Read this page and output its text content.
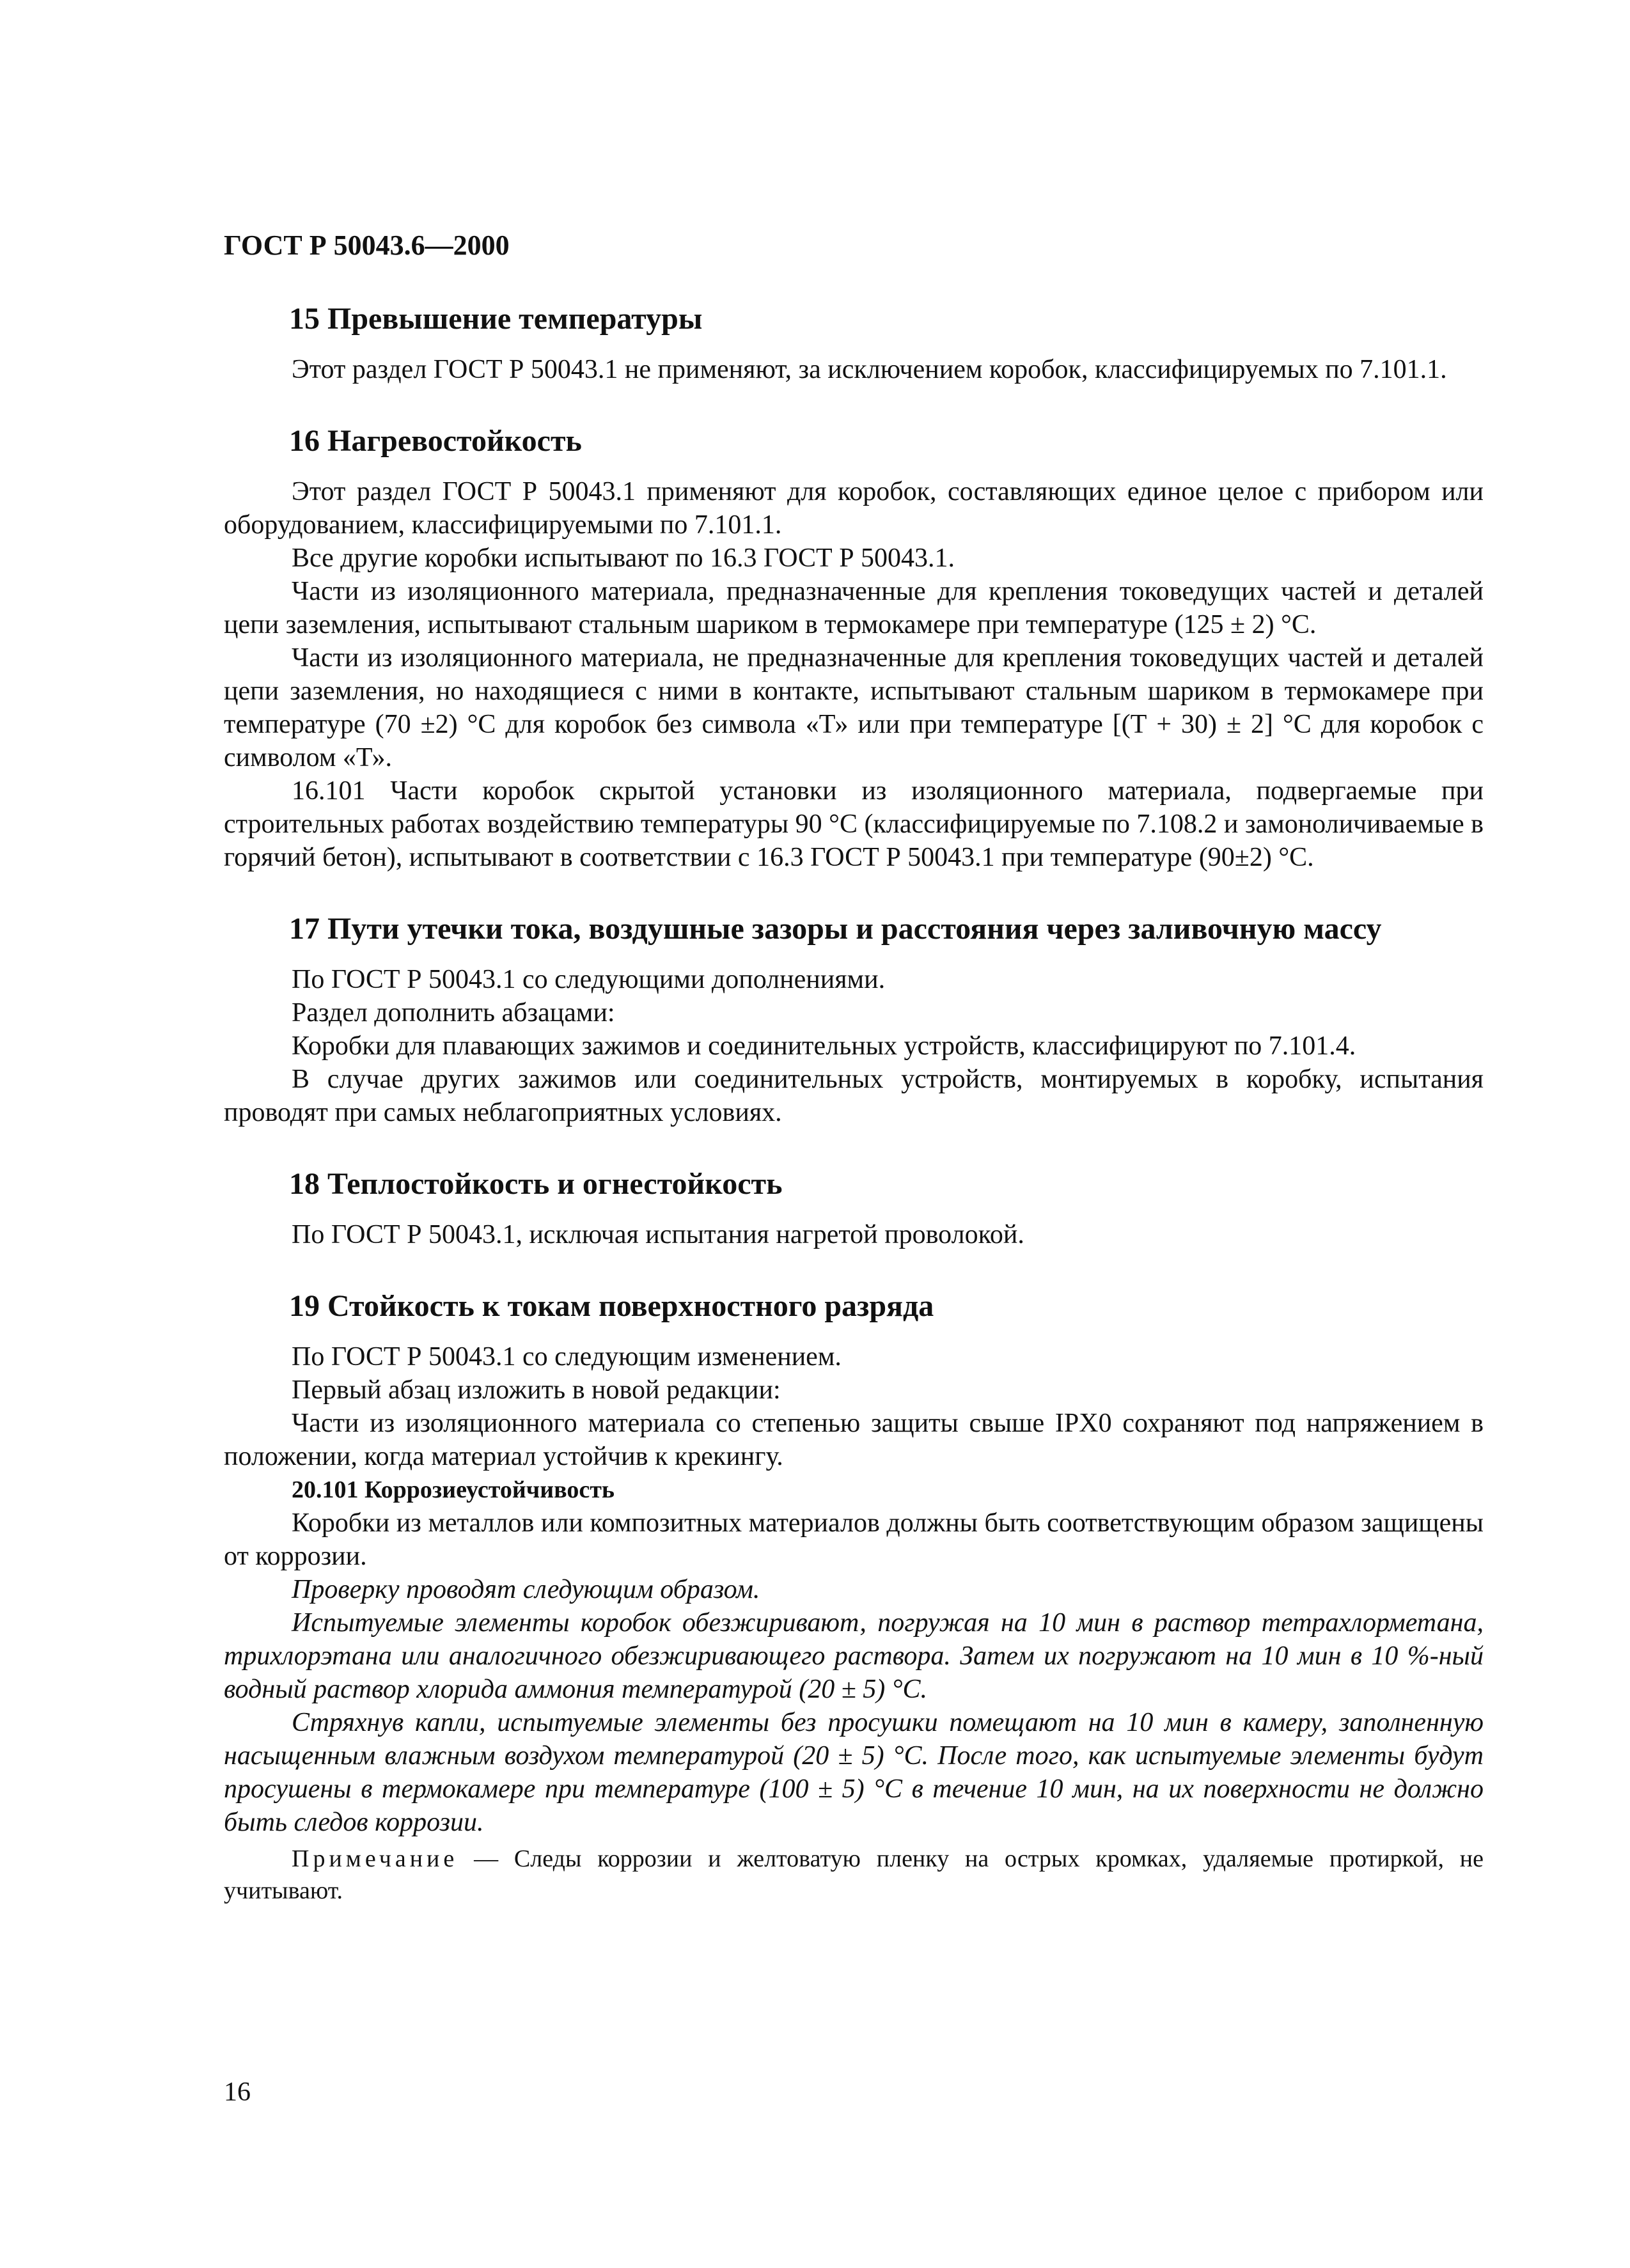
ГОСТ Р 50043.6—2000
15 Превышение температуры

Этот раздел ГОСТ Р 50043.1 не применяют, за исключением коробок, классифицируемых по 7.101.1.

16 Нагревостойкость

Этот раздел ГОСТ Р 50043.1 применяют для коробок, составляющих единое целое с прибором или оборудованием, классифицируемыми по 7.101.1.

Все другие коробки испытывают по 16.3 ГОСТ Р 50043.1.

Части из изоляционного материала, предназначенные для крепления токоведущих частей и деталей цепи заземления, испытывают стальным шариком в термокамере при температуре (125 ± 2) °С.

Части из изоляционного материала, не предназначенные для крепления токоведущих частей и деталей цепи заземления, но находящиеся с ними в контакте, испытывают стальным шариком в термокамере при температуре (70 ±2) °С для коробок без символа «Т» или при температуре [(Т + 30) ± 2] °С для коробок с символом «Т».

16.101 Части коробок скрытой установки из изоляционного материала, подвергаемые при строительных работах воздействию температуры 90 °С (классифицируемые по 7.108.2 и замоноличиваемые в горячий бетон), испытывают в соответствии с 16.3 ГОСТ Р 50043.1 при температуре (90±2) °С.

17 Пути утечки тока, воздушные зазоры и расстояния через заливочную массу

По ГОСТ Р 50043.1 со следующими дополнениями.

Раздел дополнить абзацами:

Коробки для плавающих зажимов и соединительных устройств, классифицируют по 7.101.4.

В случае других зажимов или соединительных устройств, монтируемых в коробку, испытания проводят при самых неблагоприятных условиях.

18 Теплостойкость и огнестойкость

По ГОСТ Р 50043.1, исключая испытания нагретой проволокой.

19 Стойкость к токам поверхностного разряда

По ГОСТ Р 50043.1 со следующим изменением.

Первый абзац изложить в новой редакции:

Части из изоляционного материала со степенью защиты свыше IPX0 сохраняют под напряжением в положении, когда материал устойчив к крекингу.

20.101 Коррозиеустойчивость

Коробки из металлов или композитных материалов должны быть соответствующим образом защищены от коррозии.

Проверку проводят следующим образом.

Испытуемые элементы коробок обезжиривают, погружая на 10 мин в раствор тетрахлорметана, трихлорэтана или аналогичного обезжиривающего раствора. Затем их погружают на 10 мин в 10 %-ный водный раствор хлорида аммония температурой (20 ± 5) °С.

Стряхнув капли, испытуемые элементы без просушки помещают на 10 мин в камеру, заполненную насыщенным влажным воздухом температурой (20 ± 5) °С. После того, как испытуемые элементы будут просушены в термокамере при температуре (100 ± 5) °С в течение 10 мин, на их поверхности не должно быть следов коррозии.

Примечание — Следы коррозии и желтоватую пленку на острых кромках, удаляемые протиркой, не учитывают.

16
